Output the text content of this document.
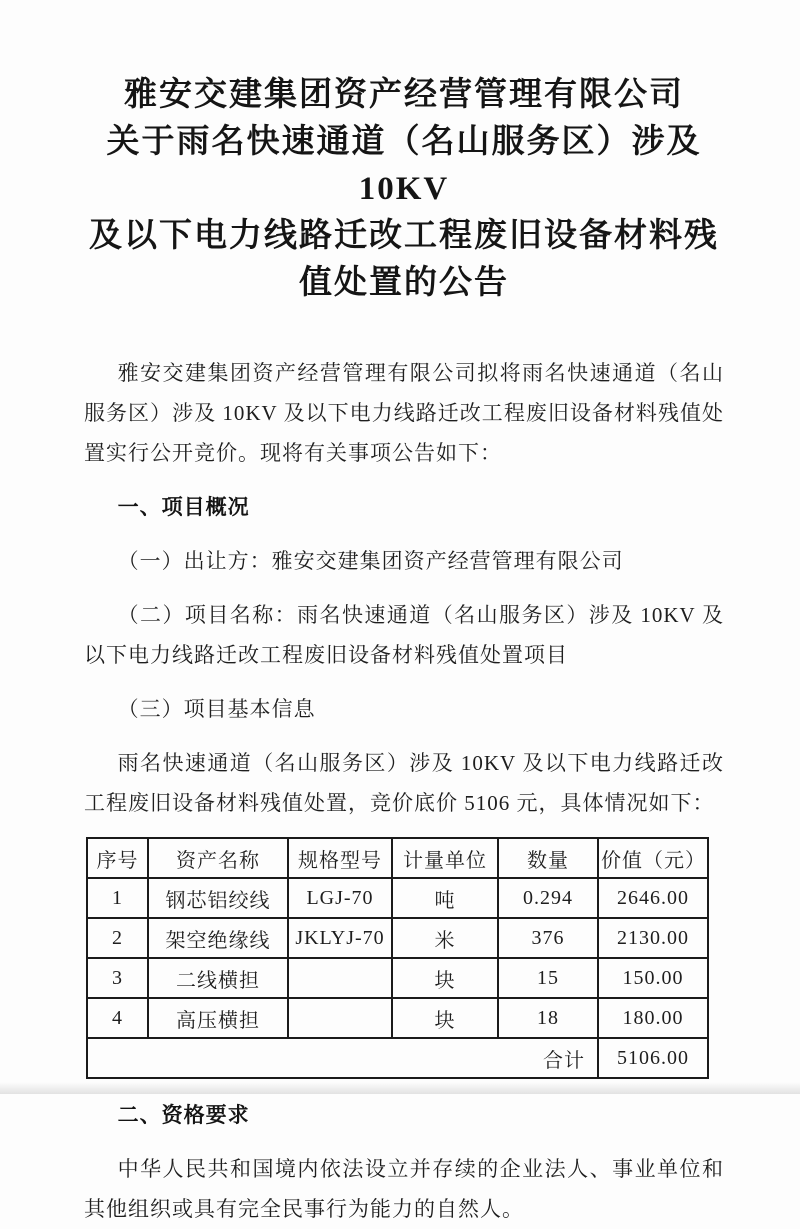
雅安交建集团资产经营管理有限公司
关于雨名快速通道（名山服务区）涉及 10KV
及以下电力线路迁改工程废旧设备材料残
值处置的公告

雅安交建集团资产经营管理有限公司拟将雨名快速通道（名山服务区）涉及 10KV 及以下电力线路迁改工程废旧设备材料残值处置实行公开竞价。现将有关事项公告如下：

一、项目概况

（一）出让方：雅安交建集团资产经营管理有限公司

（二）项目名称：雨名快速通道（名山服务区）涉及 10KV 及以下电力线路迁改工程废旧设备材料残值处置项目

（三）项目基本信息

雨名快速通道（名山服务区）涉及 10KV 及以下电力线路迁改工程废旧设备材料残值处置，竞价底价 5106 元，具体情况如下：

序号	资产名称	规格型号	计量单位	数量	价值（元）
1	钢芯铝绞线	LGJ-70	吨	0.294	2646.00
2	架空绝缘线	JKLYJ-70	米	376	2130.00
3	二线横担		块	15	150.00
4	高压横担		块	18	180.00
合计					5106.00

二、资格要求

中华人民共和国境内依法设立并存续的企业法人、事业单位和其他组织或具有完全民事行为能力的自然人。
